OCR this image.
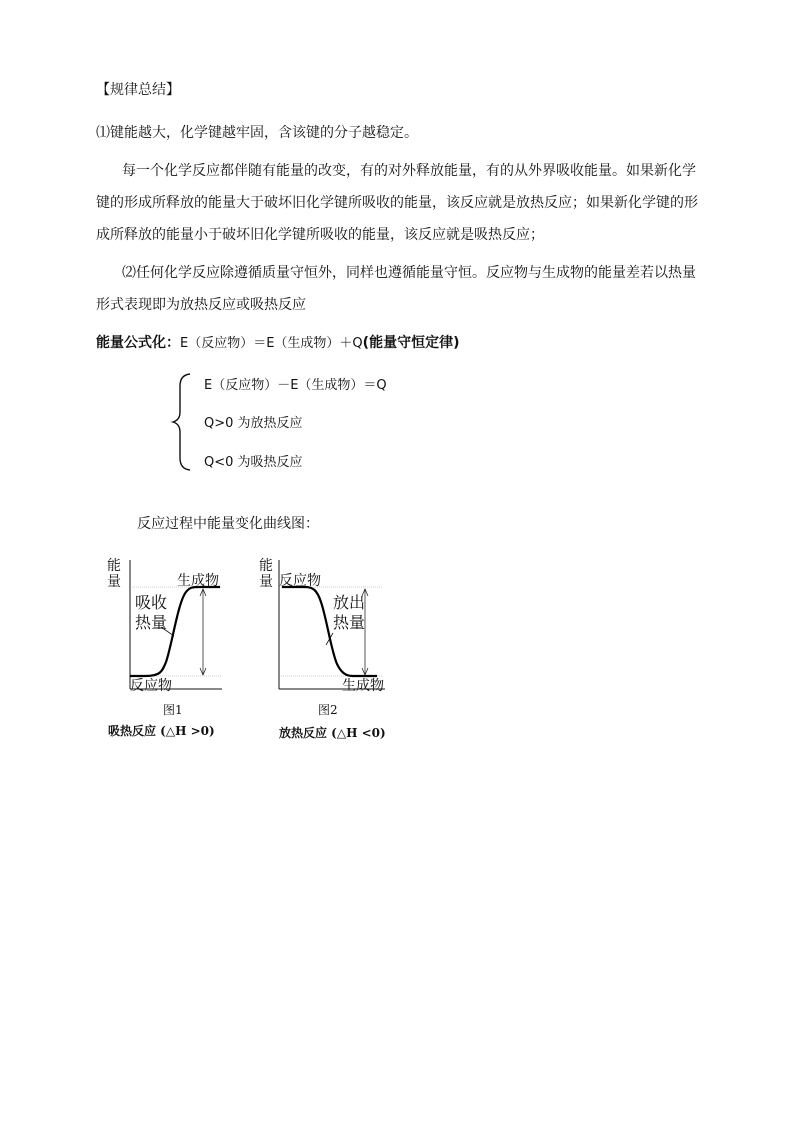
【规律总结】
⑴键能越大，化学键越牢固，含该键的分子越稳定。
每一个化学反应都伴随有能量的改变，有的对外释放能量，有的从外界吸收能量。如果新化学
键的形成所释放的能量大于破坏旧化学键所吸收的能量，该反应就是放热反应；如果新化学键的形
成所释放的能量小于破坏旧化学键所吸收的能量，该反应就是吸热反应；
⑵任何化学反应除遵循质量守恒外，同样也遵循能量守恒。反应物与生成物的能量差若以热量
形式表现即为放热反应或吸热反应
能量公式化：E（反应物）＝E（生成物）＋Q(能量守恒定律)
E（反应物）－E（生成物）＝Q
Q>0 为放热反应
Q<0 为吸热反应
反应过程中能量变化曲线图：
能
量	生成物
吸收
热量
反应物
图1
吸热反应 (△H >0)
能
量 反应物
放出
热量
生成物
图2
放热反应 (△H <0)
